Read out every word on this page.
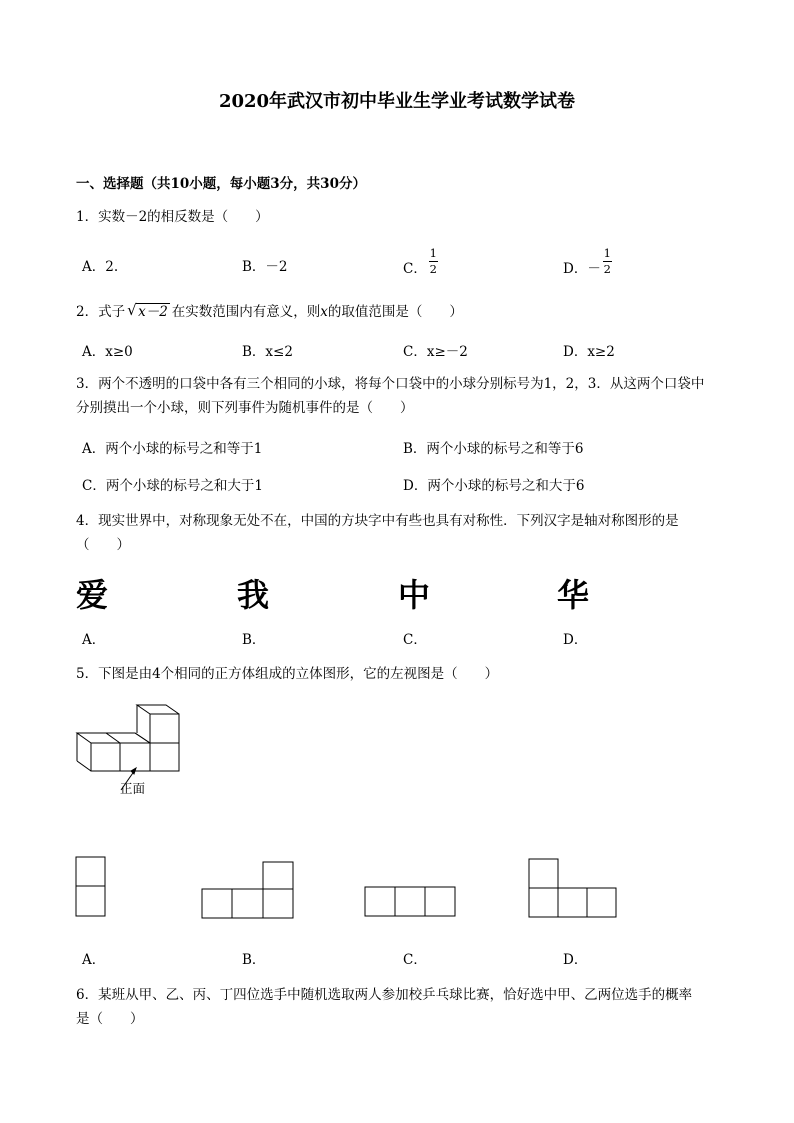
2020年武汉市初中毕业生学业考试数学试卷
一、选择题（共10小题，每小题3分，共30分）
1．实数－2的相反数是（　　）
A．2.	B．－2	C． $\frac{1}{2}$	D．－ $\frac{1}{2}$
2．式子√ x－2 在实数范围内有意义，则x的取值范围是（　　）
A．x≥0	B．x≤2	C．x≥－2	D．x≥2
3．两个不透明的口袋中各有三个相同的小球，将每个口袋中的小球分别标号为1，2，3．从这两个口袋中
分别摸出一个小球，则下列事件为随机事件的是（　　）
A．两个小球的标号之和等于1	B．两个小球的标号之和等于6
C．两个小球的标号之和大于1	D．两个小球的标号之和大于6
4．现实世界中，对称现象无处不在，中国的方块字中有些也具有对称性．下列汉字是轴对称图形的是
（　　）
爱	我	中	华
A．	B．	C．	D．
5．下图是由4个相同的正方体组成的立体图形，它的左视图是（　　）
正面
A．	B．	C．	D．
6．某班从甲、乙、丙、丁四位选手中随机选取两人参加校乒乓球比赛，恰好选中甲、乙两位选手的概率
是（　　）
